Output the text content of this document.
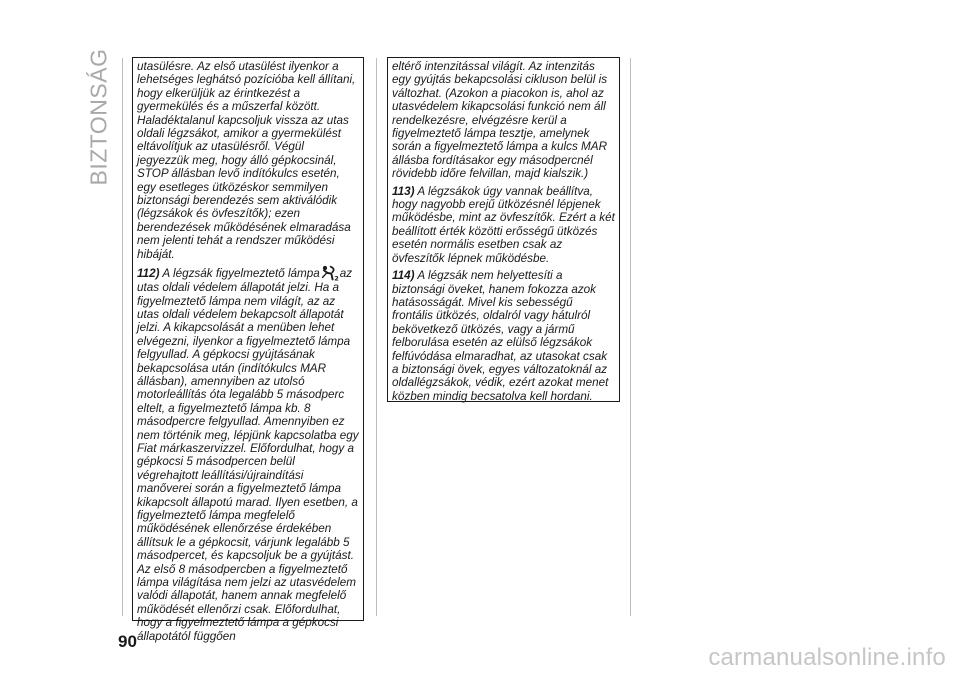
BIZTONSÁG utasülésre. Az első utasülést ilyenkor a lehetséges leghátsó pozícióba kell állítani, hogy elkerüljük az érintkezést a gyermekülés és a műszerfal között. Haladéktalanul kapcsoljuk vissza az utas oldali légzsákot, amikor a gyermekülést eltávolítjuk az utasülésről. Végül jegyezzük meg, hogy álló gépkocsinál, STOP állásban levő indítókulcs esetén, egy esetleges ütközéskor semmilyen biztonsági berendezés sem aktiválódik (légzsákok és övfeszítők); ezen berendezések működésének elmaradása nem jelenti tehát a rendszer működési hibáját.

112) A légzsák figyelmeztető lámpa 2 az utas oldali védelem állapotát jelzi. Ha a figyelmeztető lámpa nem világít, az az utas oldali védelem bekapcsolt állapotát jelzi. A kikapcsolását a menüben lehet elvégezni, ilyenkor a figyelmeztető lámpa felgyullad. A gépkocsi gyújtásának bekapcsolása után (indítókulcs MAR állásban), amennyiben az utolsó motorleállítás óta legalább 5 másodperc eltelt, a figyelmeztető lámpa kb. 8 másodpercre felgyullad. Amennyiben ez nem történik meg, lépjünk kapcsolatba egy Fiat márkaszervizzel. Előfordulhat, hogy a gépkocsi 5 másodpercen belül végrehajtott leállítási/újraindítási manőverei során a figyelmeztető lámpa kikapcsolt állapotú marad. Ilyen esetben, a figyelmeztető lámpa megfelelő működésének ellenőrzése érdekében állítsuk le a gépkocsit, várjunk legalább 5 másodpercet, és kapcsoljuk be a gyújtást. Az első 8 másodpercben a figyelmeztető lámpa világítása nem jelzi az utasvédelem valódi állapotát, hanem annak megfelelő működését ellenőrzi csak. Előfordulhat, hogy a figyelmeztető lámpa a gépkocsi állapotától függően

eltérő intenzitással világít. Az intenzitás egy gyújtás bekapcsolási cikluson belül is változhat. (Azokon a piacokon is, ahol az utasvédelem kikapcsolási funkció nem áll rendelkezésre, elvégzésre kerül a figyelmeztető lámpa tesztje, amelynek során a figyelmeztető lámpa a kulcs MAR állásba fordításakor egy másodpercnél rövidebb időre felvillan, majd kialszik.)

113) A légzsákok úgy vannak beállítva, hogy nagyobb erejű ütközésnél lépjenek működésbe, mint az övfeszítők. Ezért a két beállított érték közötti erősségű ütközés esetén normális esetben csak az övfeszítők lépnek működésbe.

114) A légzsák nem helyettesíti a biztonsági öveket, hanem fokozza azok hatásosságát. Mivel kis sebességű frontális ütközés, oldalról vagy hátulról bekövetkező ütközés, vagy a jármű felborulása esetén az elülső légzsákok felfúvódása elmaradhat, az utasokat csak a biztonsági övek, egyes változatoknál az oldallégzsákok, védik, ezért azokat menet közben mindig becsatolva kell hordani.

90
carmanualsonline.info
